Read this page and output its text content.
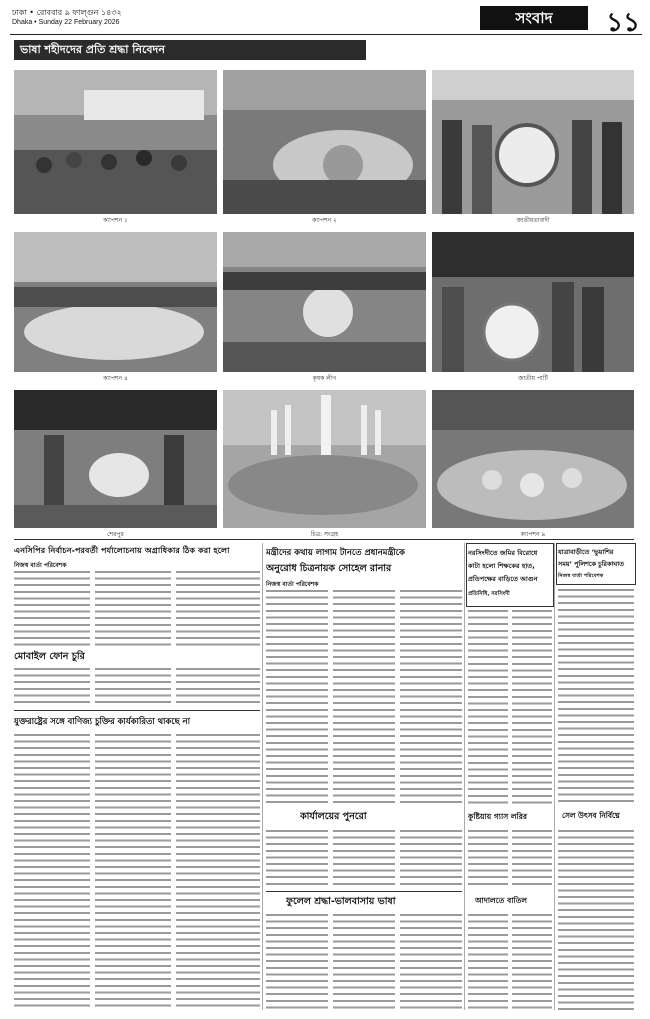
ঢাকা • রোববার ৯ ফাল্গুন ১৪৩২
Dhaka • Sunday 22 February 2026	সংবাদ	১১
ভাষা শহীদদের প্রতি শ্রদ্ধা নিবেদন
ক্যাপশন ১	ক্যাপশন ২	জাতীয়তাবাদী
ক্যাপশন ৪	কৃষক লীগ	জাতীয় পার্টি
শেরপুর	চিত্র: সংগ্রহ	ক্যাপশন ৯
এনসিপির নির্বাচন-পরবর্তী পর্যালোচনায় অগ্রাধিকার ঠিক করা হলো
নিজস্ব বার্তা পরিবেশক
মোবাইল ফোন চুরি
যুক্তরাষ্ট্রের সঙ্গে বাণিজ্য চুক্তির কার্যকারিতা থাকছে না
মন্ত্রীদের কথায় লাগাম টানতে প্রধানমন্ত্রীকে
অনুরোধ চিত্রনায়ক সোহেল রানার
নিজস্ব বার্তা পরিবেশক
কার্যালয়ের পুনরো
ফুলেল শ্রদ্ধা-ভালবাসায় ভাষা
নরসিংদীতে জমির বিরোধে
কাটা হলো শিক্ষকের হাত,
প্রতিপক্ষের বাড়িতে আগুন
প্রতিনিধি, নরসিংদী
কুষ্টিয়ায় গ্যাস লরির
আদালতে বাতিল
যাত্রাবাড়ীতে ‘ভুয়াশির
সময়’ পুলিশকে চুরিকাঘাত
নিজস্ব বার্তা পরিবেশক
সেল উৎসব নির্বিঘ্নে
